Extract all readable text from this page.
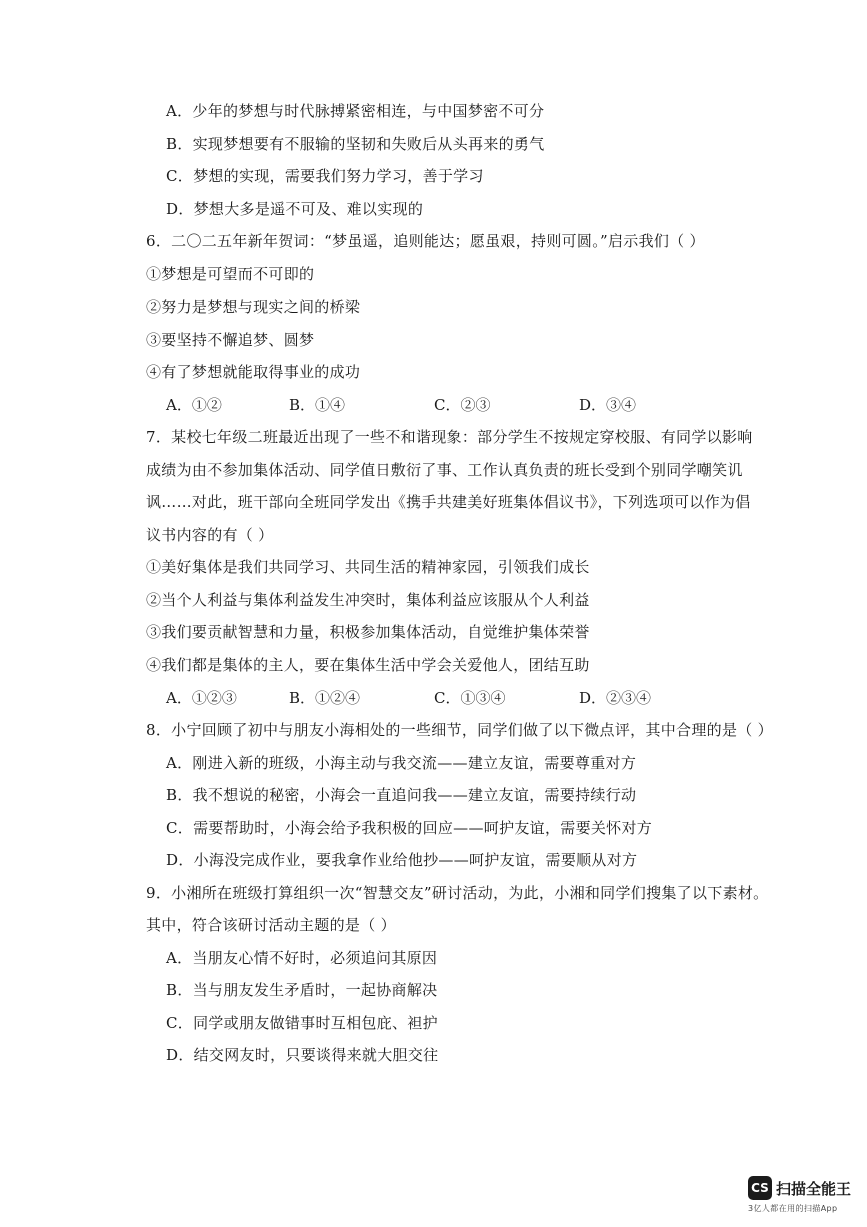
A．少年的梦想与时代脉搏紧密相连，与中国梦密不可分
B．实现梦想要有不服输的坚韧和失败后从头再来的勇气
C．梦想的实现，需要我们努力学习，善于学习
D．梦想大多是遥不可及、难以实现的
6．二〇二五年新年贺词：“梦虽遥，追则能达；愿虽艰，持则可圆。”启示我们（ ）
①梦想是可望而不可即的
②努力是梦想与现实之间的桥梁
③要坚持不懈追梦、圆梦
④有了梦想就能取得事业的成功
A．①②	B．①④	C．②③	D．③④
7．某校七年级二班最近出现了一些不和谐现象：部分学生不按规定穿校服、有同学以影响
成绩为由不参加集体活动、同学值日敷衍了事、工作认真负责的班长受到个别同学嘲笑讥
讽……对此，班干部向全班同学发出《携手共建美好班集体倡议书》，下列选项可以作为倡
议书内容的有（ ）
①美好集体是我们共同学习、共同生活的精神家园，引领我们成长
②当个人利益与集体利益发生冲突时，集体利益应该服从个人利益
③我们要贡献智慧和力量，积极参加集体活动，自觉维护集体荣誉
④我们都是集体的主人，要在集体生活中学会关爱他人，团结互助
A．①②③	B．①②④	C．①③④	D．②③④
8．小宁回顾了初中与朋友小海相处的一些细节，同学们做了以下微点评，其中合理的是（ ）
A．刚进入新的班级，小海主动与我交流——建立友谊，需要尊重对方
B．我不想说的秘密，小海会一直追问我——建立友谊，需要持续行动
C．需要帮助时，小海会给予我积极的回应——呵护友谊，需要关怀对方
D．小海没完成作业，要我拿作业给他抄——呵护友谊，需要顺从对方
9．小湘所在班级打算组织一次“智慧交友”研讨活动，为此，小湘和同学们搜集了以下素材。
其中，符合该研讨活动主题的是（ ）
A．当朋友心情不好时，必须追问其原因
B．当与朋友发生矛盾时，一起协商解决
C．同学或朋友做错事时互相包庇、袒护
D．结交网友时，只要谈得来就大胆交往
CS 扫描全能王
3亿人都在用的扫描App
